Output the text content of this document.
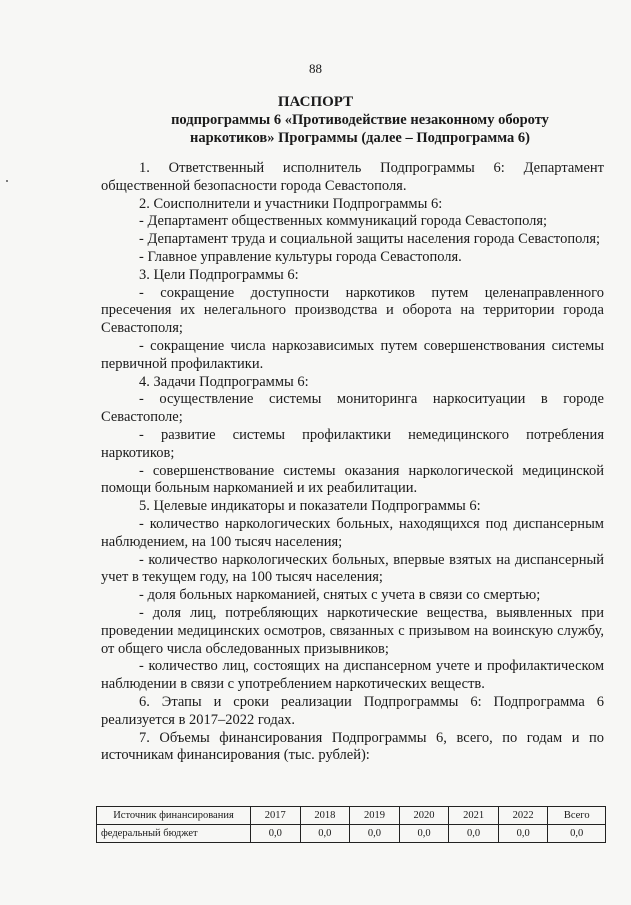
88
ПАСПОРТ
подпрограммы 6 «Противодействие незаконному обороту наркотиков» Программы (далее – Подпрограмма 6)

1. Ответственный исполнитель Подпрограммы 6: Департамент общественной безопасности города Севастополя.

2. Соисполнители и участники Подпрограммы 6:

- Департамент общественных коммуникаций города Севастополя;

- Департамент труда и социальной защиты населения города Севастополя;

- Главное управление культуры города Севастополя.

3. Цели Подпрограммы 6:

- сокращение доступности наркотиков путем целенаправленного пресечения их нелегального производства и оборота на территории города Севастополя;

- сокращение числа наркозависимых путем совершенствования системы первичной профилактики.

4. Задачи Подпрограммы 6:

- осуществление системы мониторинга наркоситуации в городе Севастополе;

- развитие системы профилактики немедицинского потребления наркотиков;

- совершенствование системы оказания наркологической медицинской помощи больным наркоманией и их реабилитации.

5. Целевые индикаторы и показатели Подпрограммы 6:

- количество наркологических больных, находящихся под диспансерным наблюдением, на 100 тысяч населения;

- количество наркологических больных, впервые взятых на диспансерный учет в текущем году, на 100 тысяч населения;

- доля больных наркоманией, снятых с учета в связи со смертью;

- доля лиц, потребляющих наркотические вещества, выявленных при проведении медицинских осмотров, связанных с призывом на воинскую службу, от общего числа обследованных призывников;

- количество лиц, состоящих на диспансерном учете и профилактическом наблюдении в связи с употреблением наркотических веществ.

6. Этапы и сроки реализации Подпрограммы 6: Подпрограмма 6 реализуется в 2017–2022 годах.

7. Объемы финансирования Подпрограммы 6, всего, по годам и по источникам финансирования (тыс. рублей):

Источник финансирования	2017	2018	2019	2020	2021	2022	Всего
федеральный бюджет	0,0	0,0	0,0	0,0	0,0	0,0	0,0
